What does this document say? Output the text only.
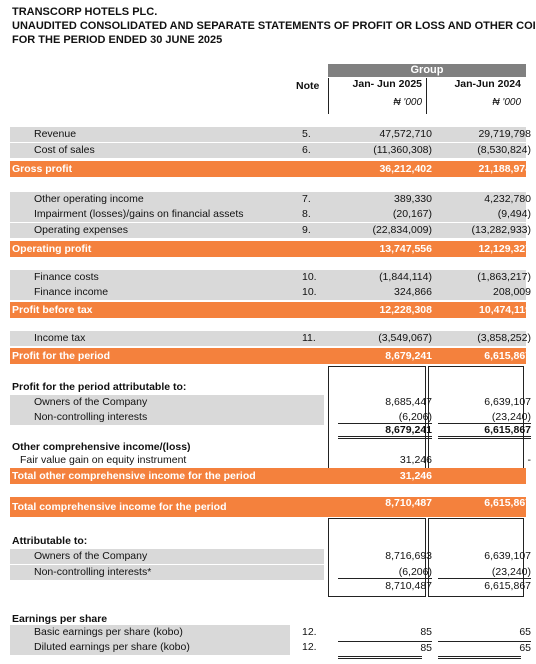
TRANSCORP HOTELS PLC.
UNAUDITED CONSOLIDATED AND SEPARATE STATEMENTS OF PROFIT OR LOSS AND OTHER COI
FOR THE PERIOD ENDED 30 JUNE 2025
Group
Note	Jan- Jun 2025	Jan-Jun 2024
₦ '000	₦ '000
Revenue	5.	47,572,710	29,719,798
Cost of sales	6.	(11,360,308)	(8,530,824)
Gross profit	36,212,402	21,188,974
Other operating income	7.	389,330	4,232,780
Impairment (losses)/gains on financial assets	8.	(20,167)	(9,494)
Operating expenses	9.	(22,834,009)	(13,282,933)
Operating profit	13,747,556	12,129,327
Finance costs	10.	(1,844,114)	(1,863,217)
Finance income	10.	324,866	208,009
Profit before tax	12,228,308	10,474,119
Income tax	11.	(3,549,067)	(3,858,252)
Profit for the period	8,679,241	6,615,867
Profit for the period attributable to:
Owners of the Company	8,685,447	6,639,107
Non-controlling interests	(6,206)	(23,240)
8,679,241	6,615,867
Other comprehensive income/(loss)
Fair value gain on equity instrument	31,246	-
Total other comprehensive income for the period	31,246
Total comprehensive income for the period	8,710,487	6,615,867
Attributable to:
Owners of the Company	8,716,693	6,639,107
Non-controlling interests*	(6,206)	(23,240)
8,710,487	6,615,867
Earnings per share
Basic earnings per share (kobo)	12.	85	65
Diluted earnings per share (kobo)	12.	85	65
